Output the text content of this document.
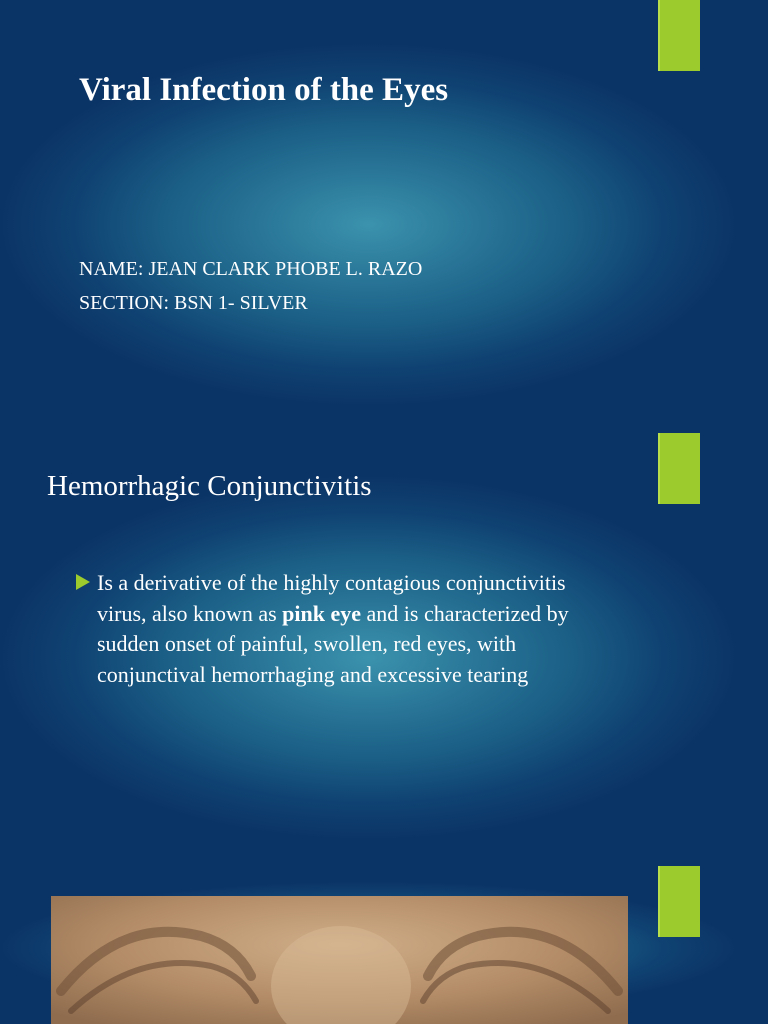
Viral Infection of the Eyes
NAME: JEAN CLARK PHOBE L. RAZO
SECTION: BSN 1- SILVER
Hemorrhagic Conjunctivitis
Is a derivative of the highly contagious conjunctivitis virus, also known as pink eye and is characterized by sudden onset of painful, swollen, red eyes, with conjunctival hemorrhaging and excessive tearing
